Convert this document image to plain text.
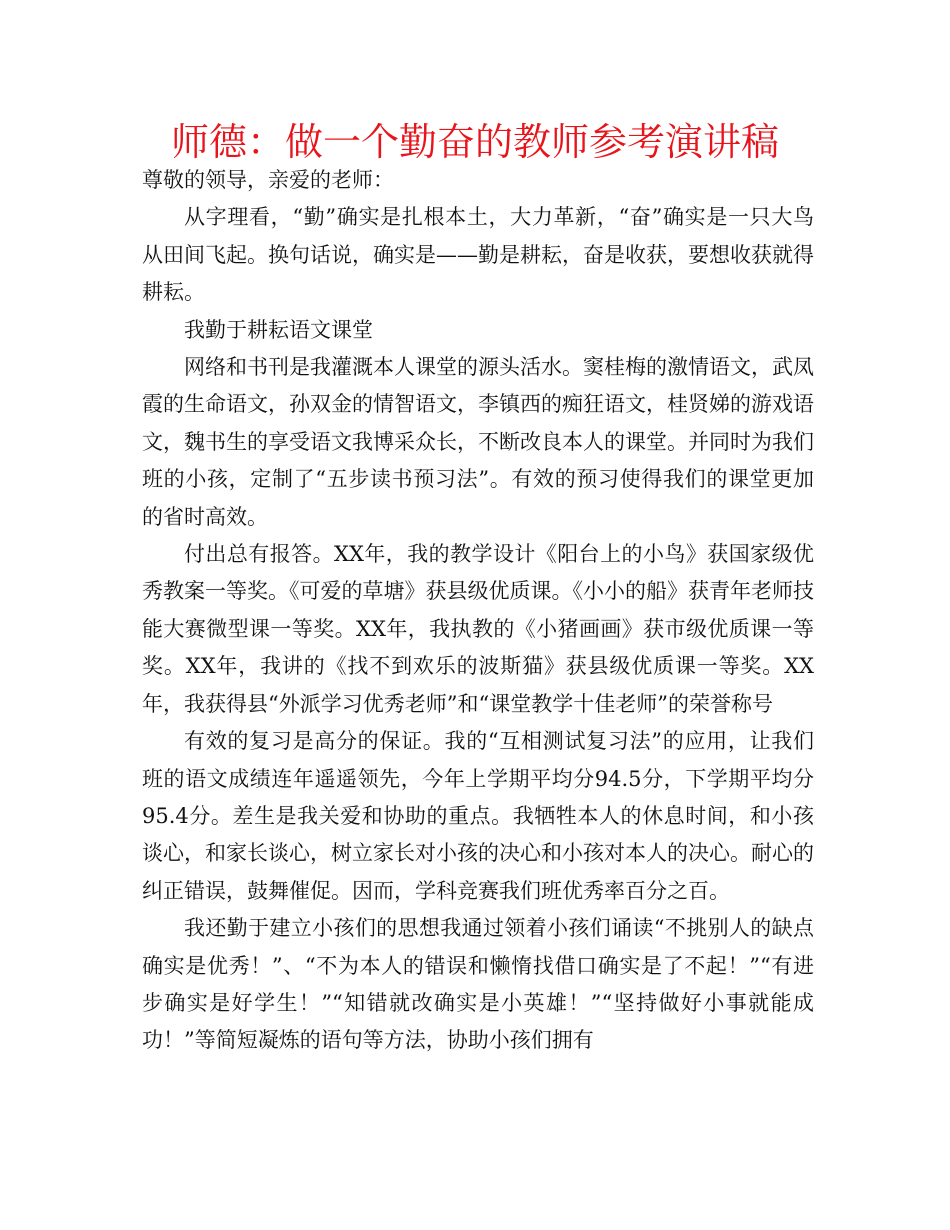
师德：做一个勤奋的教师参考演讲稿

尊敬的领导，亲爱的老师：

从字理看，“勤”确实是扎根本土，大力革新，“奋”确实是一只大鸟从田间飞起。换句话说，确实是——勤是耕耘，奋是收获，要想收获就得耕耘。

我勤于耕耘语文课堂

网络和书刊是我灌溉本人课堂的源头活水。窦桂梅的激情语文，武凤霞的生命语文，孙双金的情智语文，李镇西的痴狂语文，桂贤娣的游戏语文，魏书生的享受语文我博采众长，不断改良本人的课堂。并同时为我们班的小孩，定制了“五步读书预习法”。有效的预习使得我们的课堂更加的省时高效。

付出总有报答。XX年，我的教学设计《阳台上的小鸟》获国家级优秀教案一等奖。《可爱的草塘》获县级优质课。《小小的船》获青年老师技能大赛微型课一等奖。XX年，我执教的《小猪画画》获市级优质课一等奖。XX年，我讲的《找不到欢乐的波斯猫》获县级优质课一等奖。XX年，我获得县“外派学习优秀老师”和“课堂教学十佳老师”的荣誉称号

有效的复习是高分的保证。我的“互相测试复习法”的应用，让我们班的语文成绩连年遥遥领先，今年上学期平均分94.5分，下学期平均分95.4分。差生是我关爱和协助的重点。我牺牲本人的休息时间，和小孩谈心，和家长谈心，树立家长对小孩的决心和小孩对本人的决心。耐心的纠正错误，鼓舞催促。因而，学科竞赛我们班优秀率百分之百。

我还勤于建立小孩们的思想我通过领着小孩们诵读“不挑别人的缺点确实是优秀！”、“不为本人的错误和懒惰找借口确实是了不起！”“有进步确实是好学生！”“知错就改确实是小英雄！”“坚持做好小事就能成功！”等简短凝炼的语句等方法，协助小孩们拥有
